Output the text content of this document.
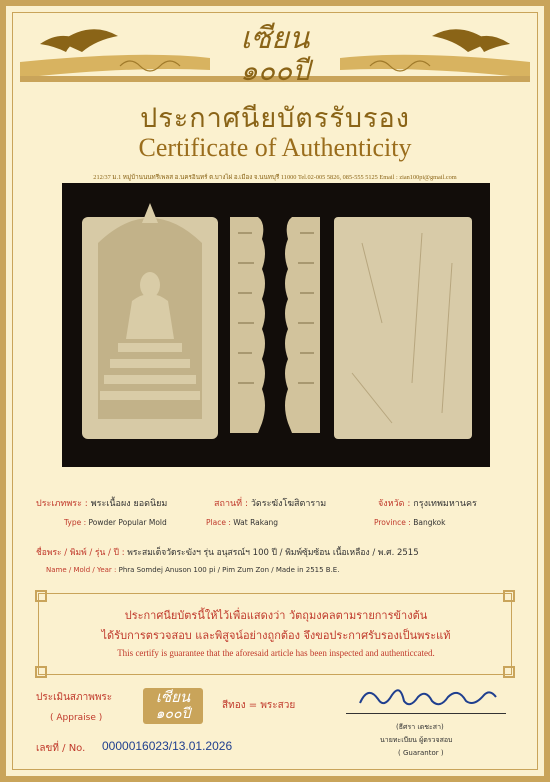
เซียน
๑๐๐ปี
ประกาศนียบัตรรับรอง
Certificate of Authenticity
212/37 ม.1 หมู่บ้านนนทรีเพลส อ.นครอินทร์ ต.บางไผ่ อ.เมือง จ.นนทบุรี 11000 Tel.02-005 5826, 085-555 5125 Email : zian100pi@gmail.com
ประเภทพระ : พระเนื้อผง ยอดนิยม	สถานที่ : วัดระฆังโฆสิตาราม	จังหวัด : กรุงเทพมหานคร
Type : Powder Popular Mold	Place : Wat Rakang	Province : Bangkok
ชื่อพระ / พิมพ์ / รุ่น / ปี : พระสมเด็จวัดระฆังฯ รุ่น อนุสรณ์ฯ 100 ปี / พิมพ์ซุ้มซ้อน เนื้อเหลือง / พ.ศ. 2515
Name / Mold / Year : Phra Somdej Anuson 100 pi / Pim Zum Zon / Made in 2515 B.E.
ประกาศนียบัตรนี้ให้ไว้เพื่อแสดงว่า วัตถุมงคลตามรายการข้างต้น
ได้รับการตรวจสอบ และพิสูจน์อย่างถูกต้อง จึงขอประกาศรับรองเป็นพระแท้
This certify is guarantee that the aforesaid article has been inspected and authenticcated.
ประเมินสภาพพระ
( Appraise )
เซียน
๑๐๐ปี
สีทอง = พระสวย
(ธีศรา เดชะสา)
นายทะเบียน ผู้ตรวจสอบ
( Guarantor )
เลขที่ / No. 0000016023/13.01.2026
